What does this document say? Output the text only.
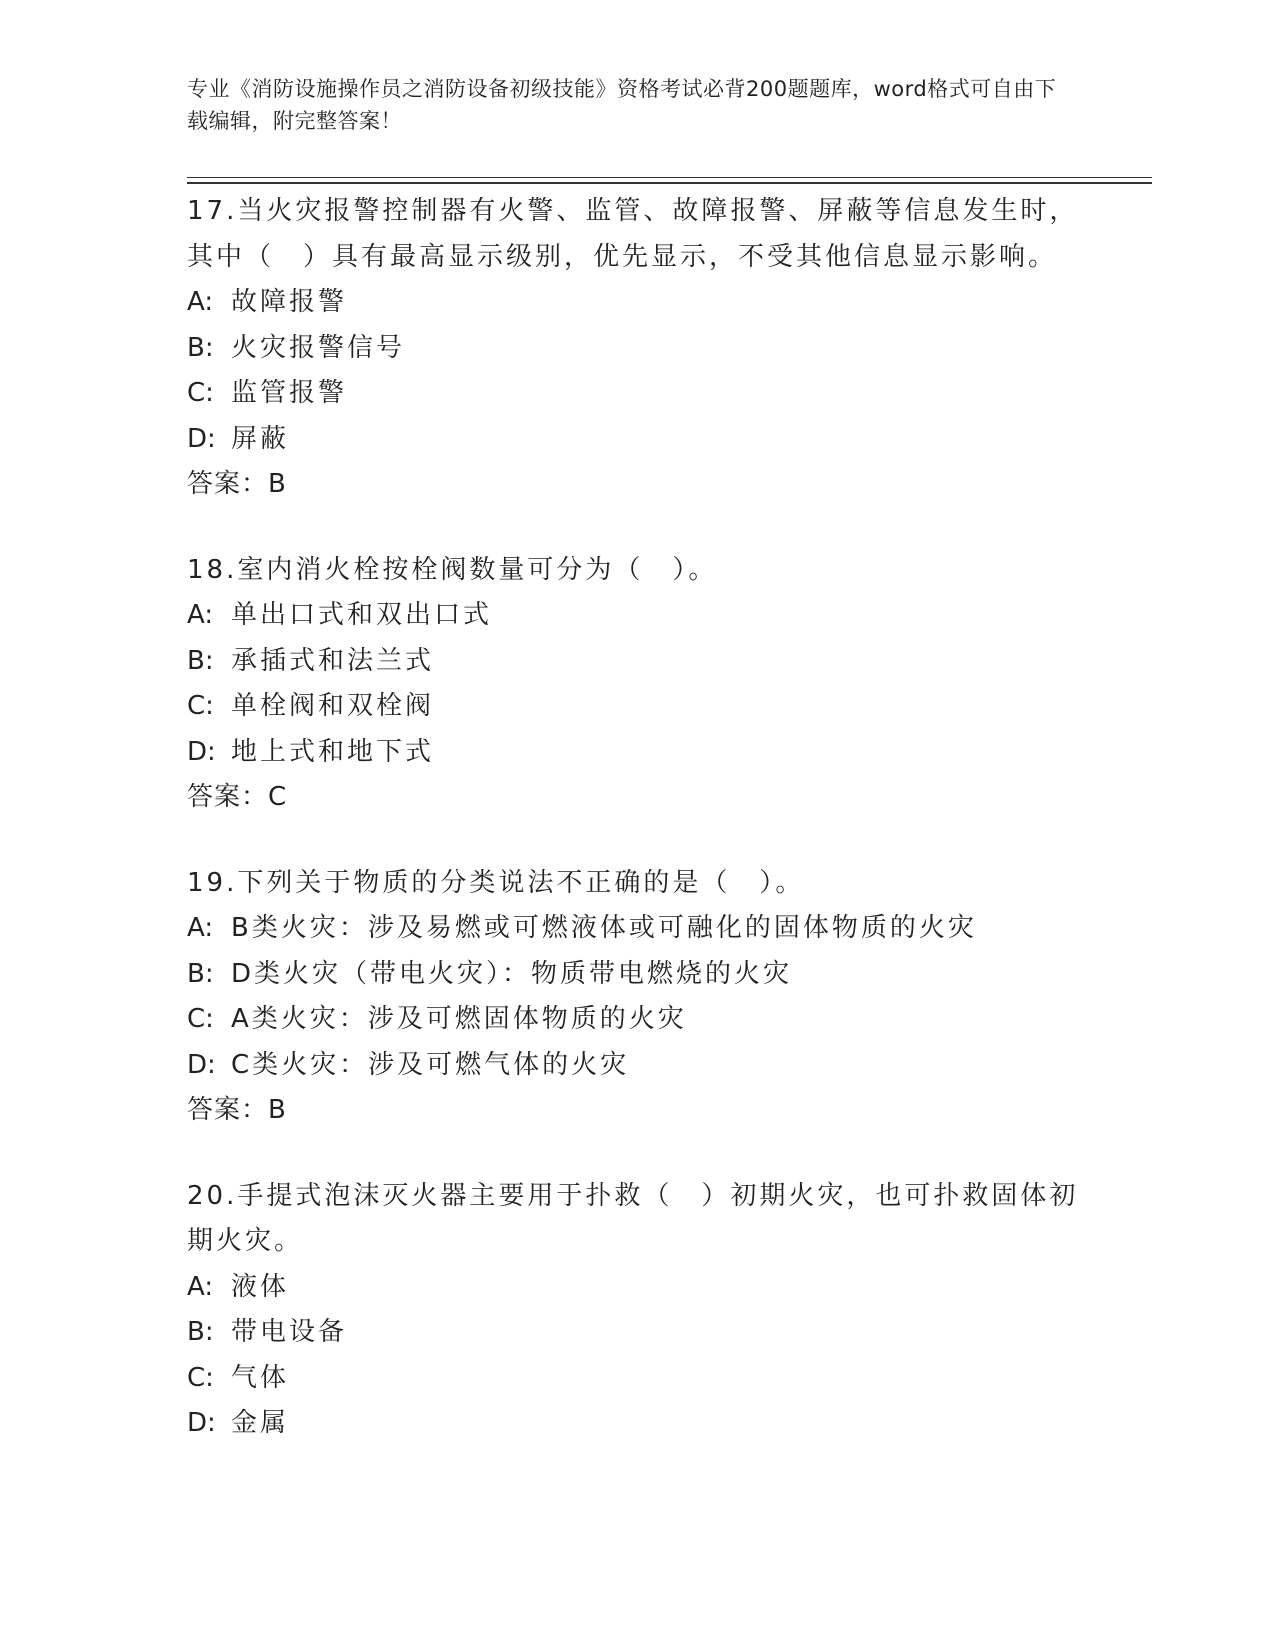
专业《消防设施操作员之消防设备初级技能》资格考试必背200题题库，word格式可自由下载编辑，附完整答案！

17.当火灾报警控制器有火警、监管、故障报警、屏蔽等信息发生时，其中（　）具有最高显示级别，优先显示，不受其他信息显示影响。

A: 故障报警

B: 火灾报警信号

C: 监管报警

D: 屏蔽

答案：B

18.室内消火栓按栓阀数量可分为（　）。

A: 单出口式和双出口式

B: 承插式和法兰式

C: 单栓阀和双栓阀

D: 地上式和地下式

答案：C

19.下列关于物质的分类说法不正确的是（　）。

A: B类火灾：涉及易燃或可燃液体或可融化的固体物质的火灾

B: D类火灾（带电火灾）：物质带电燃烧的火灾

C: A类火灾：涉及可燃固体物质的火灾

D: C类火灾：涉及可燃气体的火灾

答案：B

20.手提式泡沫灭火器主要用于扑救（　）初期火灾，也可扑救固体初期火灾。

A: 液体

B: 带电设备

C: 气体

D: 金属
